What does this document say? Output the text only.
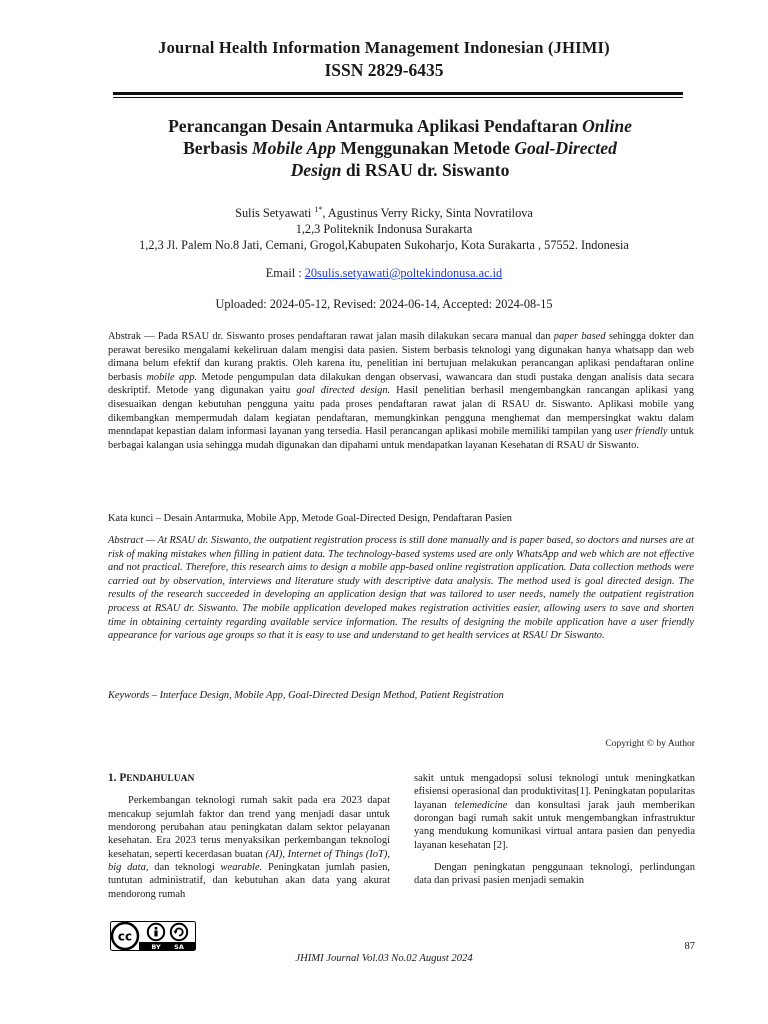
Journal Health Information Management Indonesian (JHIMI)
ISSN 2829-6435
Perancangan Desain Antarmuka Aplikasi Pendaftaran Online
Berbasis Mobile App Menggunakan Metode Goal-Directed
Design di RSAU dr. Siswanto
Sulis Setyawati $^{1*}$, Agustinus Verry Ricky, Sinta Novratilova
1,2,3 Politeknik Indonusa Surakarta
1,2,3 Jl. Palem No.8 Jati, Cemani, Grogol,Kabupaten Sukoharjo, Kota Surakarta , 57552. Indonesia
Email : 20sulis.setyawati@poltekindonusa.ac.id
Uploaded: 2024-05-12, Revised: 2024-06-14, Accepted: 2024-08-15
Abstrak — Pada RSAU dr. Siswanto proses pendaftaran rawat jalan masih dilakukan secara manual dan paper based sehingga dokter dan perawat beresiko mengalami kekeliruan dalam mengisi data pasien. Sistem berbasis teknologi yang digunakan hanya whatsapp dan web dimana belum efektif dan kurang praktis. Oleh karena itu, penelitian ini bertujuan melakukan perancangan aplikasi pendaftaran online berbasis mobile app. Metode pengumpulan data dilakukan dengan observasi, wawancara dan studi pustaka dengan analisis data secara deskriptif. Metode yang digunakan yaitu goal directed design. Hasil penelitian berhasil mengembangkan rancangan aplikasi yang disesuaikan dengan kebutuhan pengguna yaitu pada proses pendaftaran rawat jalan di RSAU dr. Siswanto. Aplikasi mobile yang dikembangkan mempermudah dalam kegiatan pendaftaran, memungkinkan pengguna menghemat dan mempersingkat waktu dalam menndapat kepastian dalam informasi layanan yang tersedia. Hasil perancangan aplikasi mobile memiliki tampilan yang user friendly untuk berbagai kalangan usia sehingga mudah digunakan dan dipahami untuk mendapatkan layanan Kesehatan di RSAU dr Siswanto.
Kata kunci – Desain Antarmuka, Mobile App, Metode Goal-Directed Design, Pendaftaran Pasien
Abstract — At RSAU dr. Siswanto, the outpatient registration process is still done manually and is paper based, so doctors and nurses are at risk of making mistakes when filling in patient data. The technology-based systems used are only WhatsApp and web which are not effective and not practical. Therefore, this research aims to design a mobile app-based online registration application. Data collection methods were carried out by observation, interviews and literature study with descriptive data analysis. The method used is goal directed design. The results of the research succeeded in developing an application design that was tailored to user needs, namely the outpatient registration process at RSAU dr. Siswanto. The mobile application developed makes registration activities easier, allowing users to save and shorten time in obtaining certainty regarding available service information. The results of designing the mobile application have a user friendly appearance for various age groups so that it is easy to use and understand to get health services at RSAU Dr Siswanto.
Keywords – Interface Design, Mobile App, Goal-Directed Design Method, Patient Registration
Copyright © by Author

1. PENDAHULUAN

Perkembangan teknologi rumah sakit pada era 2023 dapat mencakup sejumlah faktor dan trend yang menjadi dasar untuk mendorong perubahan atau peningkatan dalam sektor pelayanan kesehatan. Era 2023 terus menyaksikan perkembangan teknologi kesehatan, seperti kecerdasan buatan (AI), Internet of Things (IoT), big data, dan teknologi wearable. Peningkatan jumlah pasien, tuntutan administratif, dan kebutuhan akan data yang akurat mendorong rumah

sakit untuk mengadopsi solusi teknologi untuk meningkatkan efisiensi operasional dan produktivitas[1]. Peningkatan popularitas layanan telemedicine dan konsultasi jarak jauh memberikan dorongan bagi rumah sakit untuk mengembangkan infrastruktur yang mendukung komunikasi virtual antara pasien dan penyedia layanan kesehatan [2].

Dengan peningkatan penggunaan teknologi, perlindungan data dan privasi pasien menjadi semakin

cc
BY SA	87
JHIMI Journal Vol.03 No.02 August 2024
